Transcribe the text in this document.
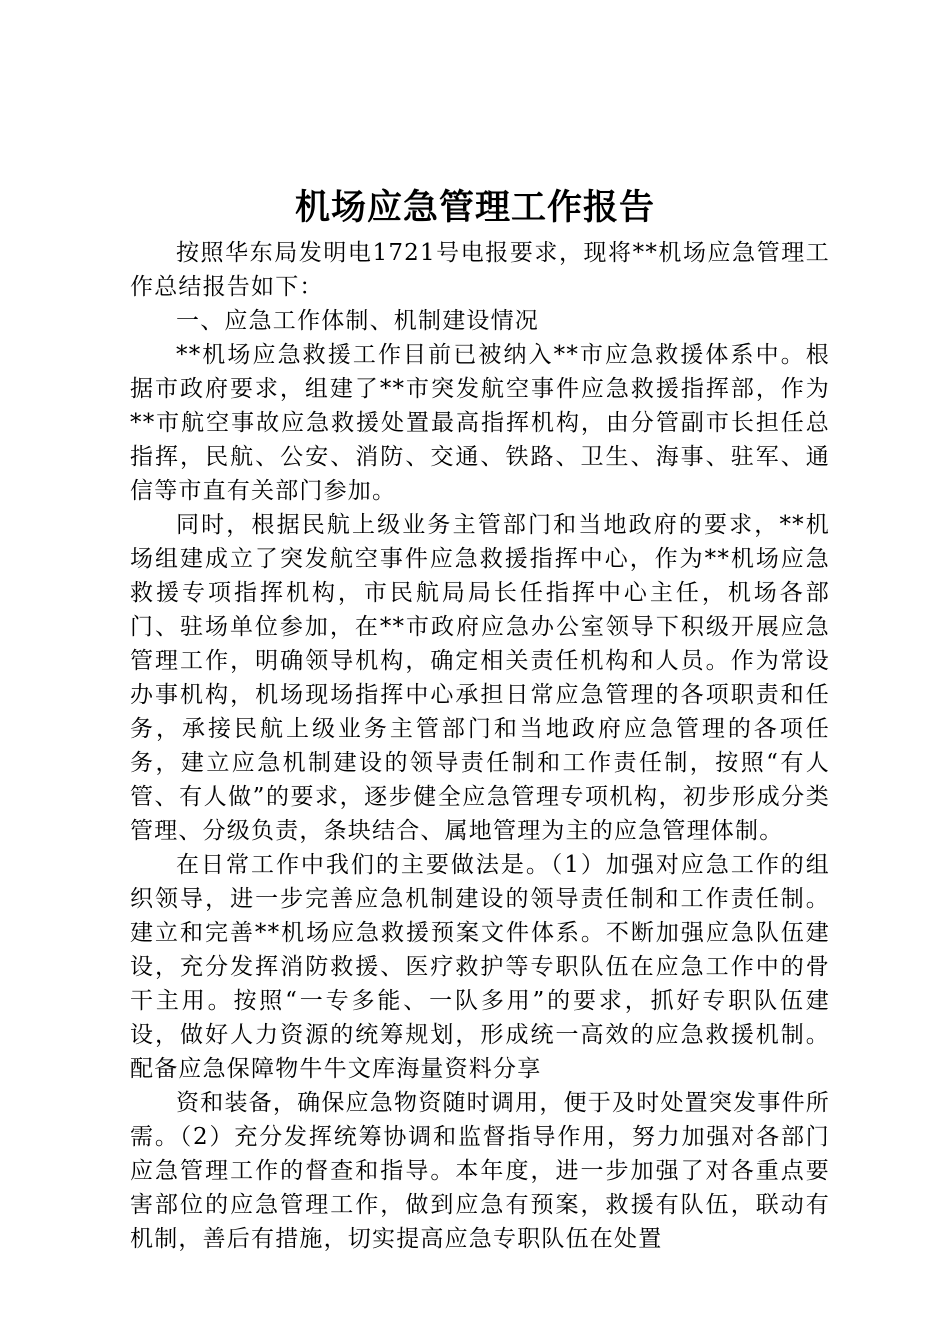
机场应急管理工作报告

按照华东局发明电1721号电报要求，现将**机场应急管理工作总结报告如下：

一、应急工作体制、机制建设情况

**机场应急救援工作目前已被纳入**市应急救援体系中。根据市政府要求，组建了**市突发航空事件应急救援指挥部，作为**市航空事故应急救援处置最高指挥机构，由分管副市长担任总指挥，民航、公安、消防、交通、铁路、卫生、海事、驻军、通信等市直有关部门参加。

同时，根据民航上级业务主管部门和当地政府的要求，**机场组建成立了突发航空事件应急救援指挥中心，作为**机场应急救援专项指挥机构，市民航局局长任指挥中心主任，机场各部门、驻场单位参加，在**市政府应急办公室领导下积级开展应急管理工作，明确领导机构，确定相关责任机构和人员。作为常设办事机构，机场现场指挥中心承担日常应急管理的各项职责和任务，承接民航上级业务主管部门和当地政府应急管理的各项任务，建立应急机制建设的领导责任制和工作责任制，按照“有人管、有人做”的要求，逐步健全应急管理专项机构，初步形成分类管理、分级负责，条块结合、属地管理为主的应急管理体制。

在日常工作中我们的主要做法是。（1）加强对应急工作的组织领导，进一步完善应急机制建设的领导责任制和工作责任制。建立和完善**机场应急救援预案文件体系。不断加强应急队伍建设，充分发挥消防救援、医疗救护等专职队伍在应急工作中的骨干主用。按照“一专多能、一队多用”的要求，抓好专职队伍建设，做好人力资源的统筹规划，形成统一高效的应急救援机制。配备应急保障物牛牛文库海量资料分享

资和装备，确保应急物资随时调用，便于及时处置突发事件所需。（2）充分发挥统筹协调和监督指导作用，努力加强对各部门应急管理工作的督查和指导。本年度，进一步加强了对各重点要害部位的应急管理工作，做到应急有预案，救援有队伍，联动有机制，善后有措施，切实提高应急专职队伍在处置
